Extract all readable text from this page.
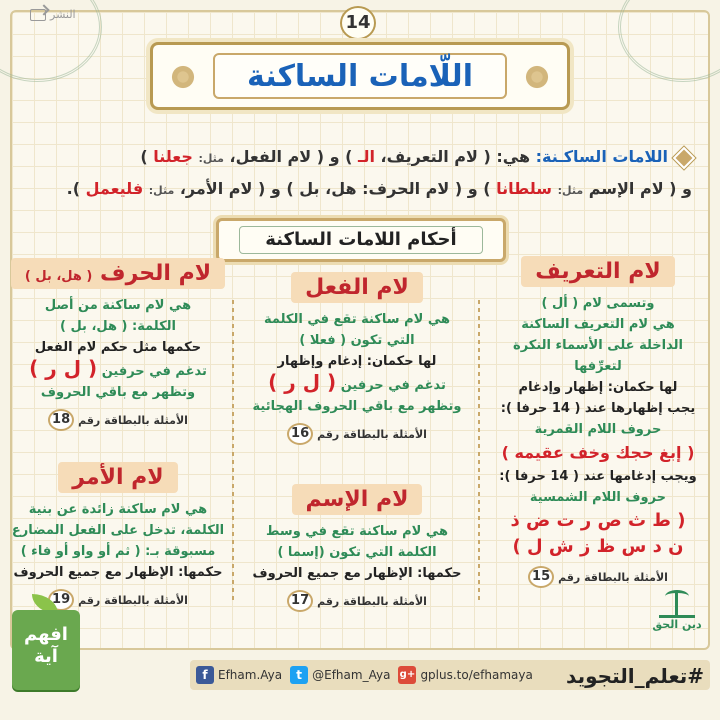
النشر	14
اللّامات الساكنة
اللامات الساكـنة: هي: ( لام التعريف، الـ ) و ( لام الفعل، مثل: جعلنا )
و ( لام الإسم مثل: سلطانا ) و ( لام الحرف: هل، بل ) و ( لام الأمر، مثل: فليعمل ).
أحكام اللامات الساكنة
لام التعريف
وتسمى لام ( أل )
هي لام التعريف الساكنة
الداخلة على الأسماء النكرة
لتعرِّفها
لها حكمان: إظهار وإدغام
يجب إظهارها عند ( 14 حرفا ):
حروف اللام القمرية
( إبغ حجك وخف عقيمه )
ويجب إدغامها عند ( 14 حرفا ):
حروف اللام الشمسية
( ط ث ص ر ت ض ذ
ن د س ظ ز ش ل )
الأمثلة بالبطاقة رقم
15
لام الفعل
هي لام ساكنة تقع في الكلمة
التي تكون ( فعلا )
لها حكمان: إدغام وإظهار
تدغم في حرفين ( ل ر )
وتظهر مع باقي الحروف الهجائية
الأمثلة بالبطاقة رقم
16
لام الإسم
هي لام ساكنة تقع في وسط
الكلمة التي تكون (إسما )
حكمها: الإظهار مع جميع الحروف
الأمثلة بالبطاقة رقم
17
لام الحرف ( هل، بل )
هي لام ساكنة من أصل
الكلمة: ( هل، بل )
حكمها مثل حكم لام الفعل
تدغم في حرفين ( ل ر )
وتظهر مع باقي الحروف
الأمثلة بالبطاقة رقم
18
لام الأمر
هي لام ساكنة زائدة عن بنية
الكلمة، تدخل على الفعل المضارع
مسبوقة بـ: ( ثم أو واو أو فاء )
حكمها: الإظهار مع جميع الحروف
الأمثلة بالبطاقة رقم
19
دين الحق
f Efham.Aya	t @Efham_Aya g+ gplus.to/efhamaya #تعلم_التجويد
افهم
آية
